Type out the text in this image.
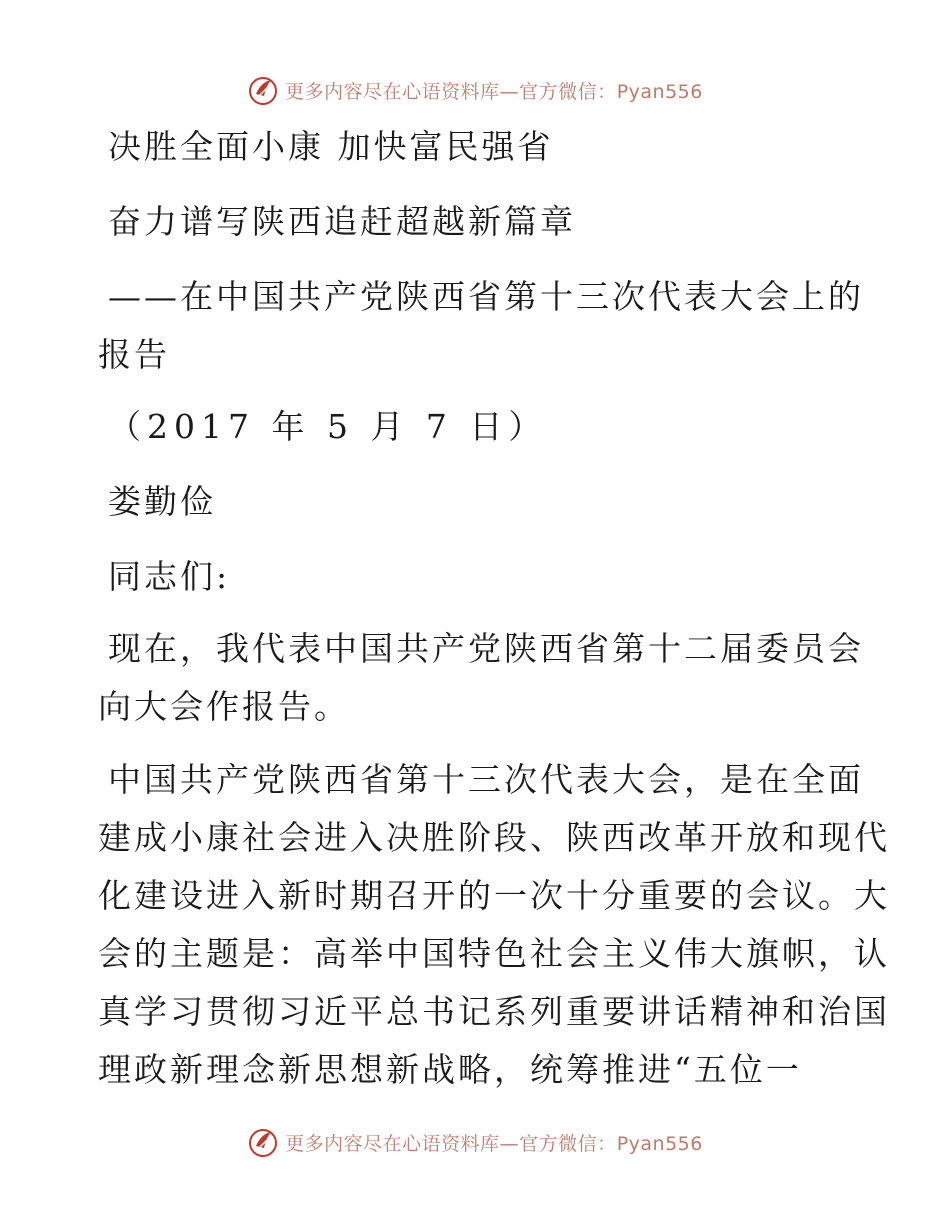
更多内容尽在心语资料库—官方微信：Pyan556
决胜全面小康 加快富民强省
奋力谱写陕西追赶超越新篇章
——在中国共产党陕西省第十三次代表大会上的
报告
（2017 年 5 月 7 日）
娄勤俭
同志们:
现在，我代表中国共产党陕西省第十二届委员会
向大会作报告。
中国共产党陕西省第十三次代表大会，是在全面
建成小康社会进入决胜阶段、陕西改革开放和现代
化建设进入新时期召开的一次十分重要的会议。大
会的主题是：高举中国特色社会主义伟大旗帜，认
真学习贯彻习近平总书记系列重要讲话精神和治国
理政新理念新思想新战略，统筹推进“五位一
更多内容尽在心语资料库—官方微信：Pyan556
